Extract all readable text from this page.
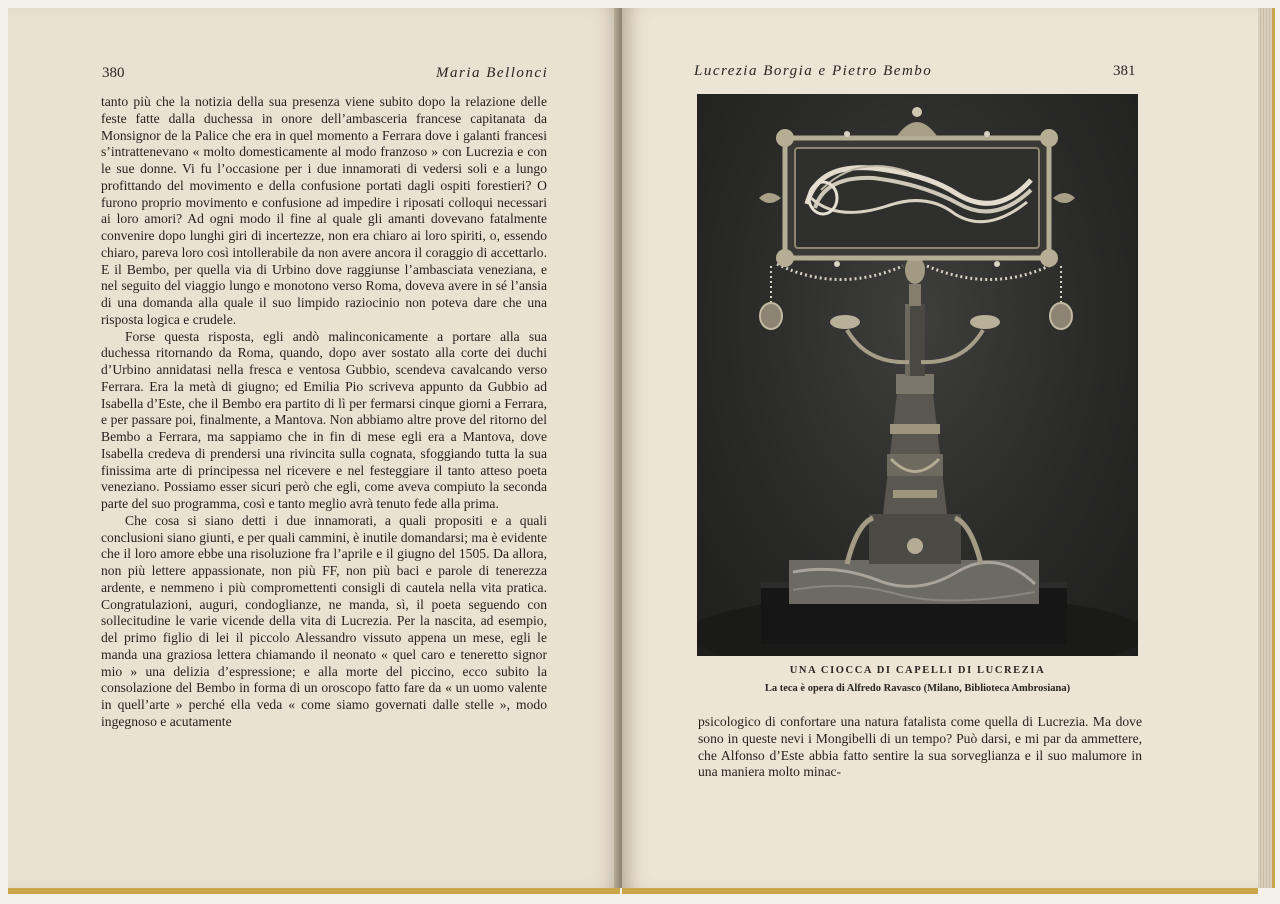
380	Maria Bellonci

tanto più che la notizia della sua presenza viene subito dopo la relazione delle feste fatte dalla duchessa in onore dell’ambasceria francese capitanata da Monsignor de la Palice che era in quel momento a Ferrara dove i galanti francesi s’intrattenevano « molto domesticamente al modo franzoso » con Lucrezia e con le sue donne. Vi fu l’occasione per i due innamorati di vedersi soli e a lungo profittando del movimento e della confusione portati dagli ospiti forestieri? O furono proprio movimento e confusione ad impedire i riposati colloqui necessari ai loro amori? Ad ogni modo il fine al quale gli amanti dovevano fatalmente convenire dopo lunghi giri di incertezze, non era chiaro ai loro spiriti, o, essendo chiaro, pareva loro così intollerabile da non avere ancora il coraggio di accettarlo. E il Bembo, per quella via di Urbino dove raggiunse l’ambasciata veneziana, e nel seguito del viaggio lungo e monotono verso Roma, doveva avere in sé l’ansia di una domanda alla quale il suo limpido raziocinio non poteva dare che una risposta logica e crudele.

Forse questa risposta, egli andò malinconicamente a portare alla sua duchessa ritornando da Roma, quando, dopo aver sostato alla corte dei duchi d’Urbino annidatasi nella fresca e ventosa Gubbio, scendeva cavalcando verso Ferrara. Era la metà di giugno; ed Emilia Pio scriveva appunto da Gubbio ad Isabella d’Este, che il Bembo era partito di lì per fermarsi cinque giorni a Ferrara, e per passare poi, finalmente, a Mantova. Non abbiamo altre prove del ritorno del Bembo a Ferrara, ma sappiamo che in fin di mese egli era a Mantova, dove Isabella credeva di prendersi una rivincita sulla cognata, sfoggiando tutta la sua finissima arte di principessa nel ricevere e nel festeggiare il tanto atteso poeta veneziano. Possiamo esser sicuri però che egli, come aveva compiuto la seconda parte del suo programma, così e tanto meglio avrà tenuto fede alla prima.

Che cosa si siano detti i due innamorati, a quali propositi e a quali conclusioni siano giunti, e per quali cammini, è inutile domandarsi; ma è evidente che il loro amore ebbe una risoluzione fra l’aprile e il giugno del 1505. Da allora, non più lettere appassionate, non più FF, non più baci e parole di tenerezza ardente, e nemmeno i più compromettenti consigli di cautela nella vita pratica. Congratulazioni, auguri, condoglianze, ne manda, sì, il poeta seguendo con sollecitudine le varie vicende della vita di Lucrezia. Per la nascita, ad esempio, del primo figlio di lei il piccolo Alessandro vissuto appena un mese, egli le manda una graziosa lettera chiamando il neonato « quel caro e teneretto signor mio » una delizia d’espressione; e alla morte del piccino, ecco subito la consolazione del Bembo in forma di un oroscopo fatto fare da « un uomo valente in quell’arte » perché ella veda « come siamo governati dalle stelle », modo ingegnoso e acutamente

Lucrezia Borgia e Pietro Bembo	381
UNA CIOCCA DI CAPELLI DI LUCREZIA
La teca è opera di Alfredo Ravasco (Milano, Biblioteca Ambrosiana)

psicologico di confortare una natura fatalista come quella di Lucrezia. Ma dove sono in queste nevi i Mongibelli di un tempo? Può darsi, e mi par da ammettere, che Alfonso d’Este abbia fatto sentire la sua sorveglianza e il suo malumore in una maniera molto minac-
